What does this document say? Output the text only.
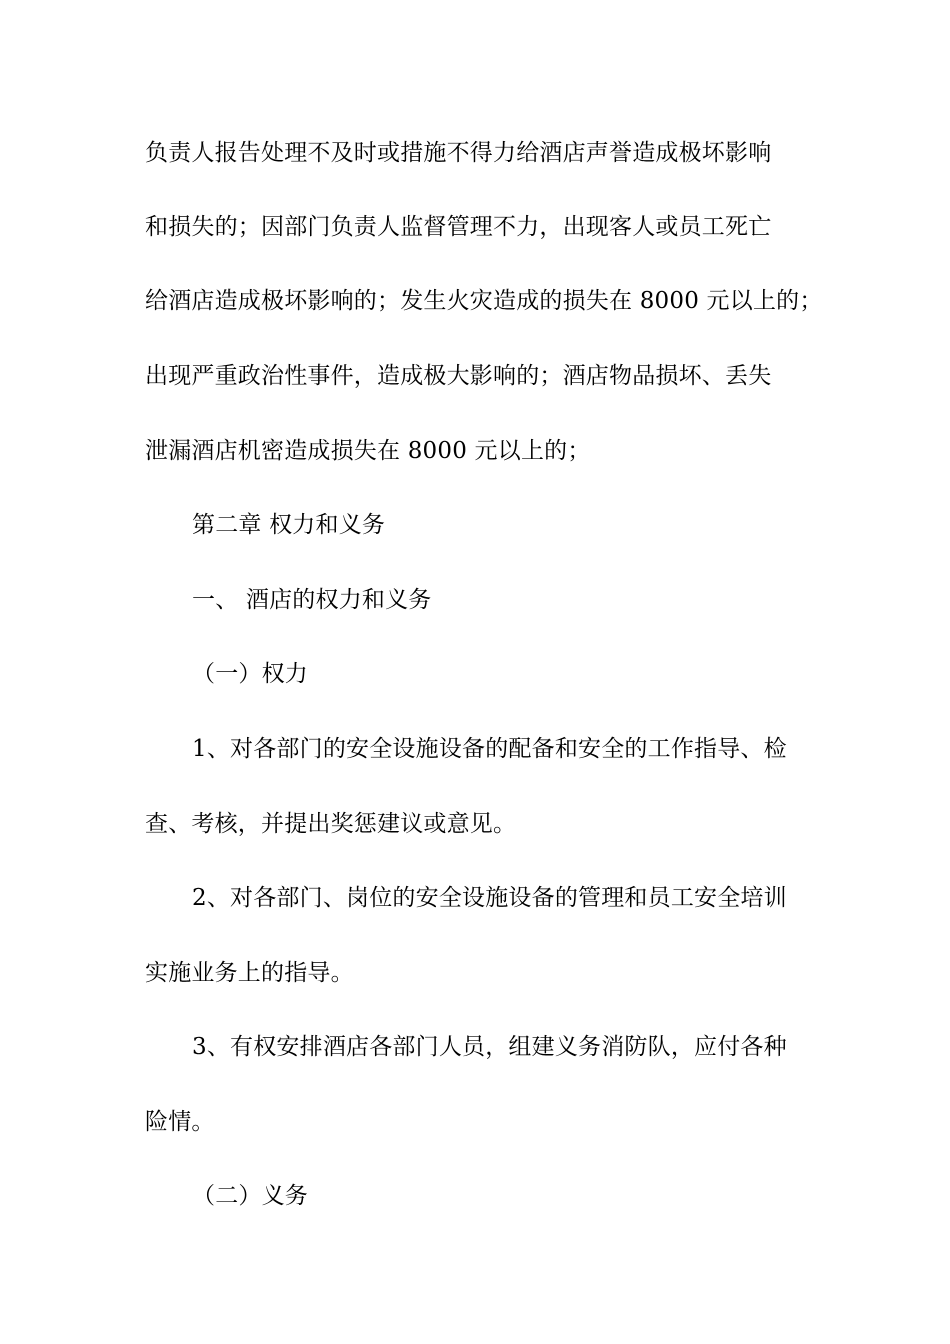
负责人报告处理不及时或措施不得力给酒店声誉造成极坏影响
和损失的；因部门负责人监督管理不力，出现客人或员工死亡
给酒店造成极坏影响的；发生火灾造成的损失在 8000 元以上的；
出现严重政治性事件，造成极大影响的；酒店物品损坏、丢失
泄漏酒店机密造成损失在 8000 元以上的；
第二章 权力和义务
一、 酒店的权力和义务
（一）权力
1、对各部门的安全设施设备的配备和安全的工作指导、检
查、考核，并提出奖惩建议或意见。
2、对各部门、岗位的安全设施设备的管理和员工安全培训
实施业务上的指导。
3、有权安排酒店各部门人员，组建义务消防队，应付各种
险情。
（二）义务
